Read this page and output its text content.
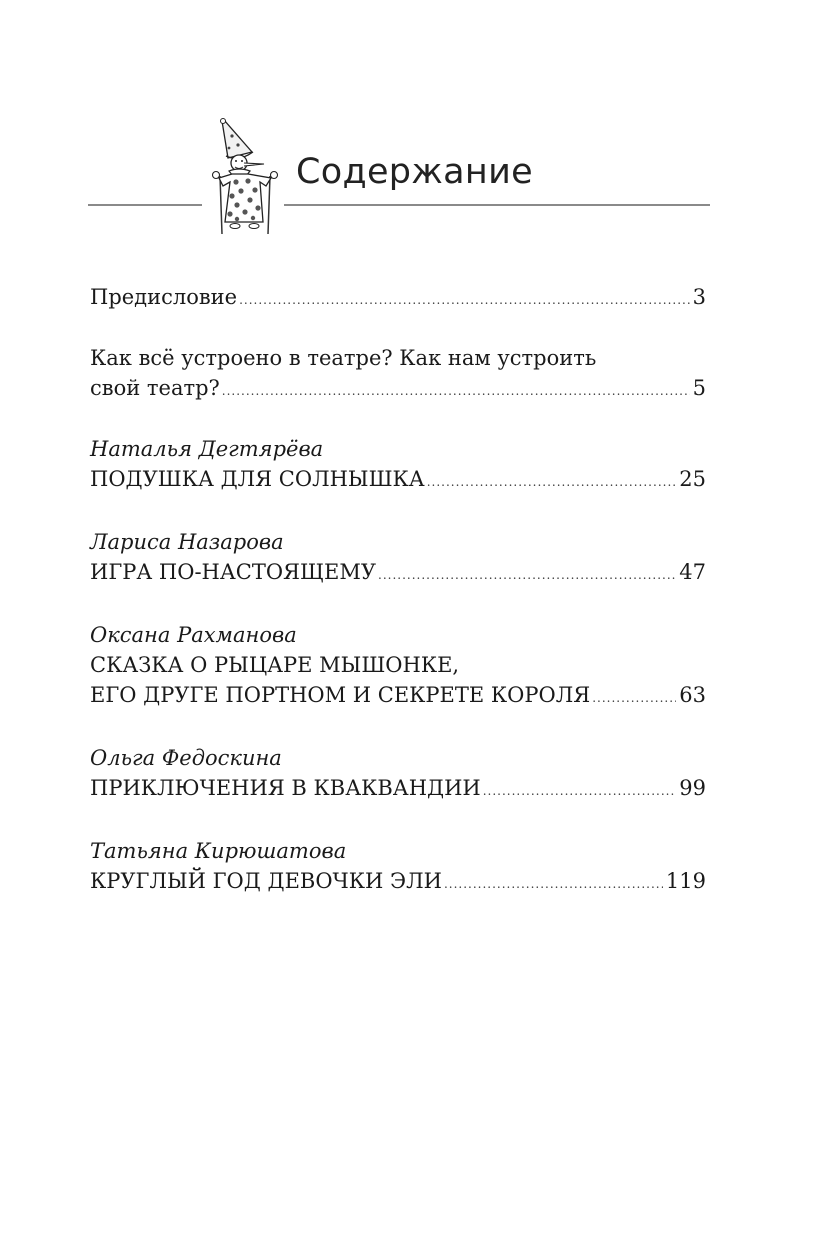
Содержание
Предисловие .....	3
Как всё устроено в театре? Как нам устроить
свой театр? .....	5
Наталья Дегтярёва
ПОДУШКА ДЛЯ СОЛНЫШКА .....	25
Лариса Назарова
ИГРА ПО-НАСТОЯЩЕМУ .....	47
Оксана Рахманова
СКАЗКА О РЫЦАРЕ МЫШОНКЕ,
ЕГО ДРУГЕ ПОРТНОМ И СЕКРЕТЕ КОРОЛЯ .....	63
Ольга Федоскина
ПРИКЛЮЧЕНИЯ В КВАКВАНДИИ .....	99
Татьяна Кирюшатова
КРУГЛЫЙ ГОД ДЕВОЧКИ ЭЛИ .....	119
